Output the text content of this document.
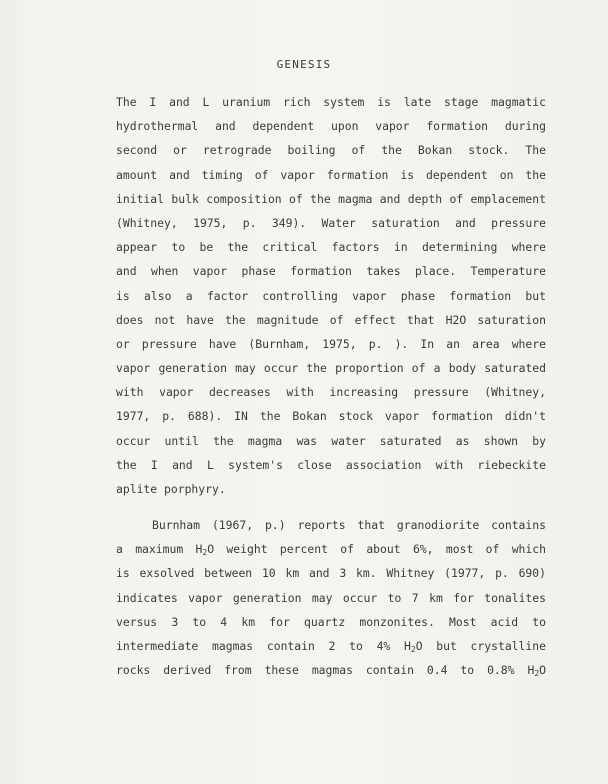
GENESIS
The I and L uranium rich system is late stage magmatic
hydrothermal and dependent upon vapor formation during
second or retrograde boiling of the Bokan stock. The
amount and timing of vapor formation is dependent on the
initial bulk composition of the magma and depth of emplacement
(Whitney, 1975, p. 349). Water saturation and pressure
appear to be the critical factors in determining where
and when vapor phase formation takes place. Temperature
is also a factor controlling vapor phase formation but
does not have the magnitude of effect that H2O saturation
or pressure have (Burnham, 1975, p. ). In an area where
vapor generation may occur the proportion of a body saturated
with vapor decreases with increasing pressure (Whitney,
1977, p. 688). IN the Bokan stock vapor formation didn't
occur until the magma was water saturated as shown by
the I and L system's close association with riebeckite
aplite porphyry.
Burnham (1967, p.) reports that granodiorite contains
a maximum $H_2O$ weight percent of about 6%, most of which
is exsolved between 10 km and 3 km. Whitney (1977, p. 690)
indicates vapor generation may occur to 7 km for tonalites
versus 3 to 4 km for quartz monzonites. Most acid to
intermediate magmas contain 2 to 4% $H_2O$ but crystalline
rocks derived from these magmas contain 0.4 to 0.8% $H_2O$
